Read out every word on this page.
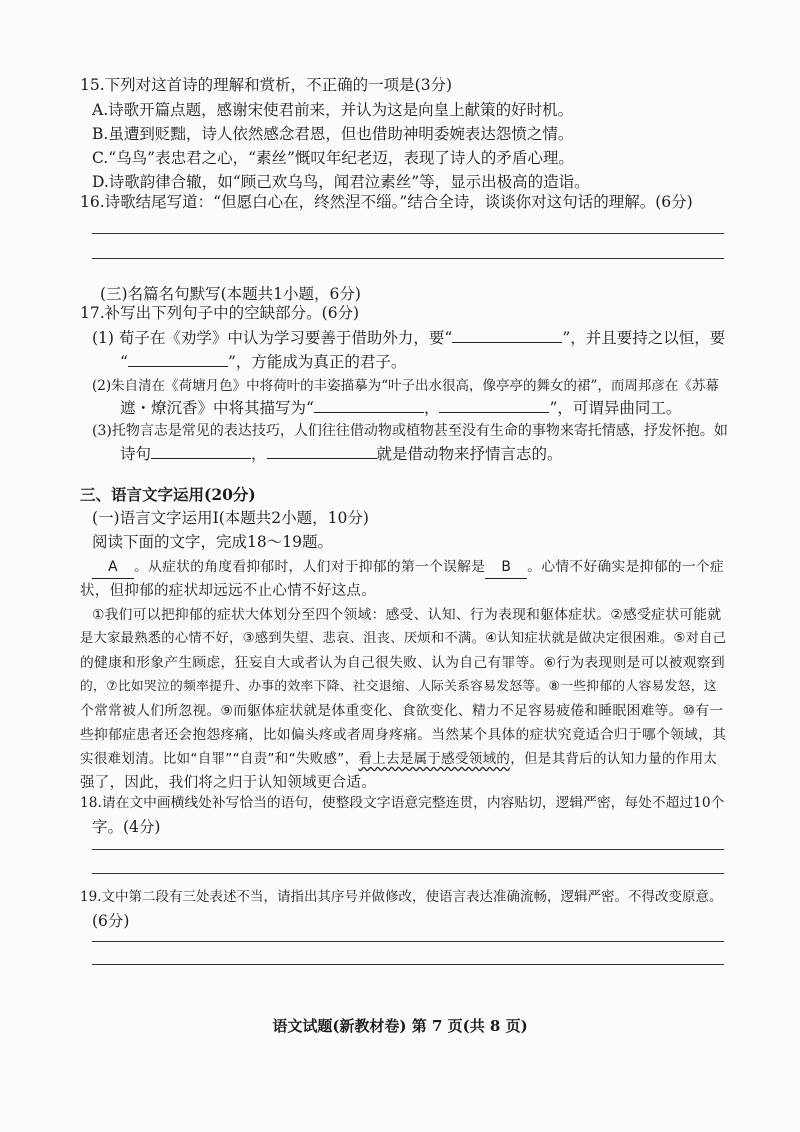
15.下列对这首诗的理解和赏析，不正确的一项是(3分)
A.诗歌开篇点题，感谢宋使君前来，并认为这是向皇上献策的好时机。
B.虽遭到贬黜，诗人依然感念君恩，但也借助神明委婉表达怨愤之情。
C.“乌鸟”表忠君之心，“素丝”慨叹年纪老迈，表现了诗人的矛盾心理。
D.诗歌韵律合辙，如“顾己欢乌鸟，闻君泣素丝”等，显示出极高的造诣。
16.诗歌结尾写道：“但愿白心在，终然涅不缁。”结合全诗，谈谈你对这句话的理解。(6分)
(三)名篇名句默写(本题共1小题，6分)
17.补写出下列句子中的空缺部分。(6分)
(1) 荀子在《劝学》中认为学习要善于借助外力，要“	”，并且要持之以恒，要
“	”，方能成为真正的君子。
(2)朱自清在《荷塘月色》中将荷叶的丰姿描摹为“叶子出水很高，像亭亭的舞女的裙”，而周邦彦在《苏幕
遮・燎沉香》中将其描写为“	，	”，可谓异曲同工。
(3)托物言志是常见的表达技巧，人们往往借动物或植物甚至没有生命的事物来寄托情感，抒发怀抱。如
诗句	，	就是借动物来抒情言志的。
三、语言文字运用(20分)
(一)语言文字运用Ⅰ(本题共2小题，10分)
阅读下面的文字，完成18～19题。
A 。从症状的角度看抑郁时，人们对于抑郁的第一个误解是 B 。心情不好确实是抑郁的一个症
状，但抑郁的症状却远远不止心情不好这点。
①我们可以把抑郁的症状大体划分至四个领域：感受、认知、行为表现和躯体症状。②感受症状可能就
是大家最熟悉的心情不好，③感到失望、悲哀、沮丧、厌烦和不满。④认知症状就是做决定很困难。⑤对自己
的健康和形象产生顾虑，狂妄自大或者认为自己很失败、认为自己有罪等。⑥行为表现则是可以被观察到
的，⑦比如哭泣的频率提升、办事的效率下降、社交退缩、人际关系容易发怒等。⑧一些抑郁的人容易发怒，这
个常常被人们所忽视。⑨而躯体症状就是体重变化、食欲变化、精力不足容易疲倦和睡眠困难等。⑩有一
些抑郁症患者还会抱怨疼痛，比如偏头疼或者周身疼痛。当然某个具体的症状究竟适合归于哪个领域，其
实很难划清。比如“自罪”“自责”和“失败感”，看上去是属于感受领域的，但是其背后的认知力量的作用太
强了，因此，我们将之归于认知领域更合适。
18.请在文中画横线处补写恰当的语句，使整段文字语意完整连贯，内容贴切，逻辑严密，每处不超过10个
字。(4分)
19.文中第二段有三处表述不当，请指出其序号并做修改，使语言表达准确流畅，逻辑严密。不得改变原意。
(6分)
语文试题(新教材卷) 第 7 页(共 8 页)
